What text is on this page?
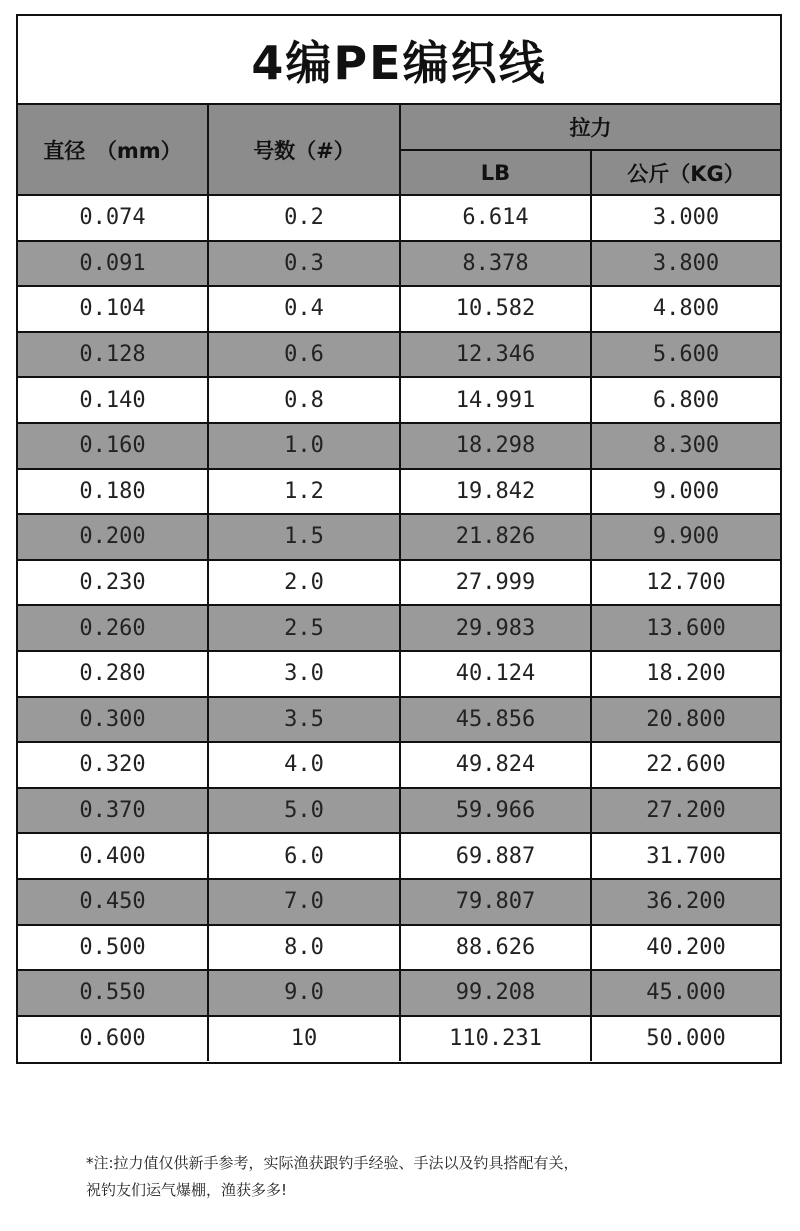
4编PE编织线
直径　（mm）	号数（#）	拉力	
		LB	公斤（KG）
0.074	0.2	6.614	3.000
0.091	0.3	8.378	3.800
0.104	0.4	10.582	4.800
0.128	0.6	12.346	5.600
0.140	0.8	14.991	6.800
0.160	1.0	18.298	8.300
0.180	1.2	19.842	9.000
0.200	1.5	21.826	9.900
0.230	2.0	27.999	12.700
0.260	2.5	29.983	13.600
0.280	3.0	40.124	18.200
0.300	3.5	45.856	20.800
0.320	4.0	49.824	22.600
0.370	5.0	59.966	27.200
0.400	6.0	69.887	31.700
0.450	7.0	79.807	36.200
0.500	8.0	88.626	40.200
0.550	9.0	99.208	45.000
0.600	10	110.231	50.000
*注:拉力值仅供新手参考，实际渔获跟钓手经验、手法以及钓具搭配有关，
祝钓友们运气爆棚，渔获多多!
